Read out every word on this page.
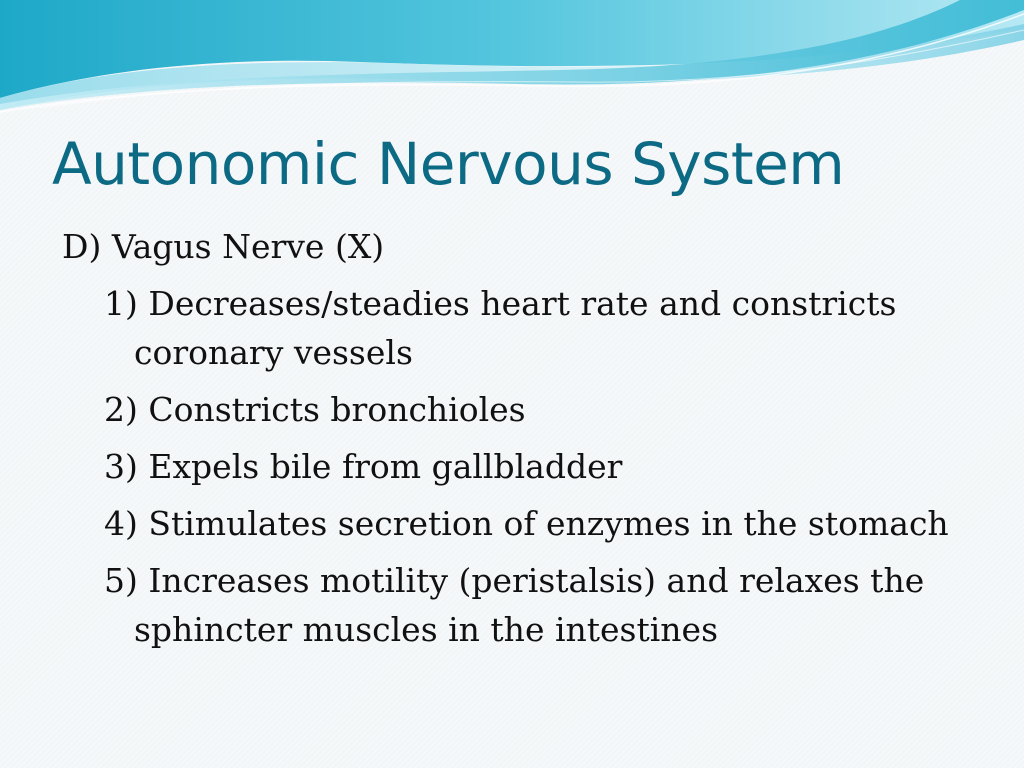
Autonomic Nervous System

D) Vagus Nerve (X)

1) Decreases/steadies heart rate and constricts coronary vessels

2) Constricts bronchioles

3) Expels bile from gallbladder

4) Stimulates secretion of enzymes in the stomach

5) Increases motility (peristalsis) and relaxes the sphincter muscles in the intestines
